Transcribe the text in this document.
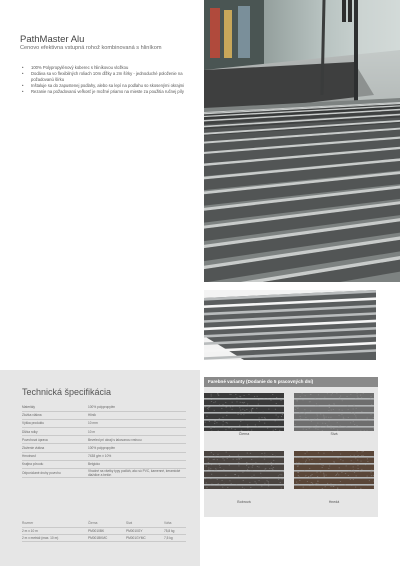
PathMaster Alu
Cenovo efektivna vstupná rohož kombinovaná s hliníkom
• 100% Polypropylénový koberec s hliníkovou vložkou
• Dodáva sa vo flexibilných roliach 10m dĺžky a 2m šírky - jednoduché položenie na požadovanú šírku
• Inštaluje sa do zapustenej podlahy, alebo sa lepí na podlahu so skosenými okrajmi
• Rezanie na požadovanú veľkosť je možné priamo na mieste za použitia ručnej píly
Technická špecifikácia
Materiály	100% polypropylén
Zložka vlákna	Hliník
Výška produktu	10 mm
Dĺžka rolky	10 m
Povrchová úprava	Beveled pri okraji s lakovanou vrstvou
Zloženie vlákna	100% polypropylén
Hmotnosť	7438 g/m ± 10%
Krajina pôvodu	Belgicko
Odporúčané druhy povrchu	Vhodné na všetky typy podláh, ako sú PVC, kamenné, keramické dlaždice a betón
Rozmer	Čierna	Sivá	Váha
2 m x 10 m	PM0010BK	PM0010GY	75,8 kg
2 m x metráž (max. 10 m)	PM001BKMC	PM001GYMC	7,5 kg
Farebné varianty (Dodanie do 5 pracovných dní)
Čierna	Sivá
Bobrová	Hnedá
